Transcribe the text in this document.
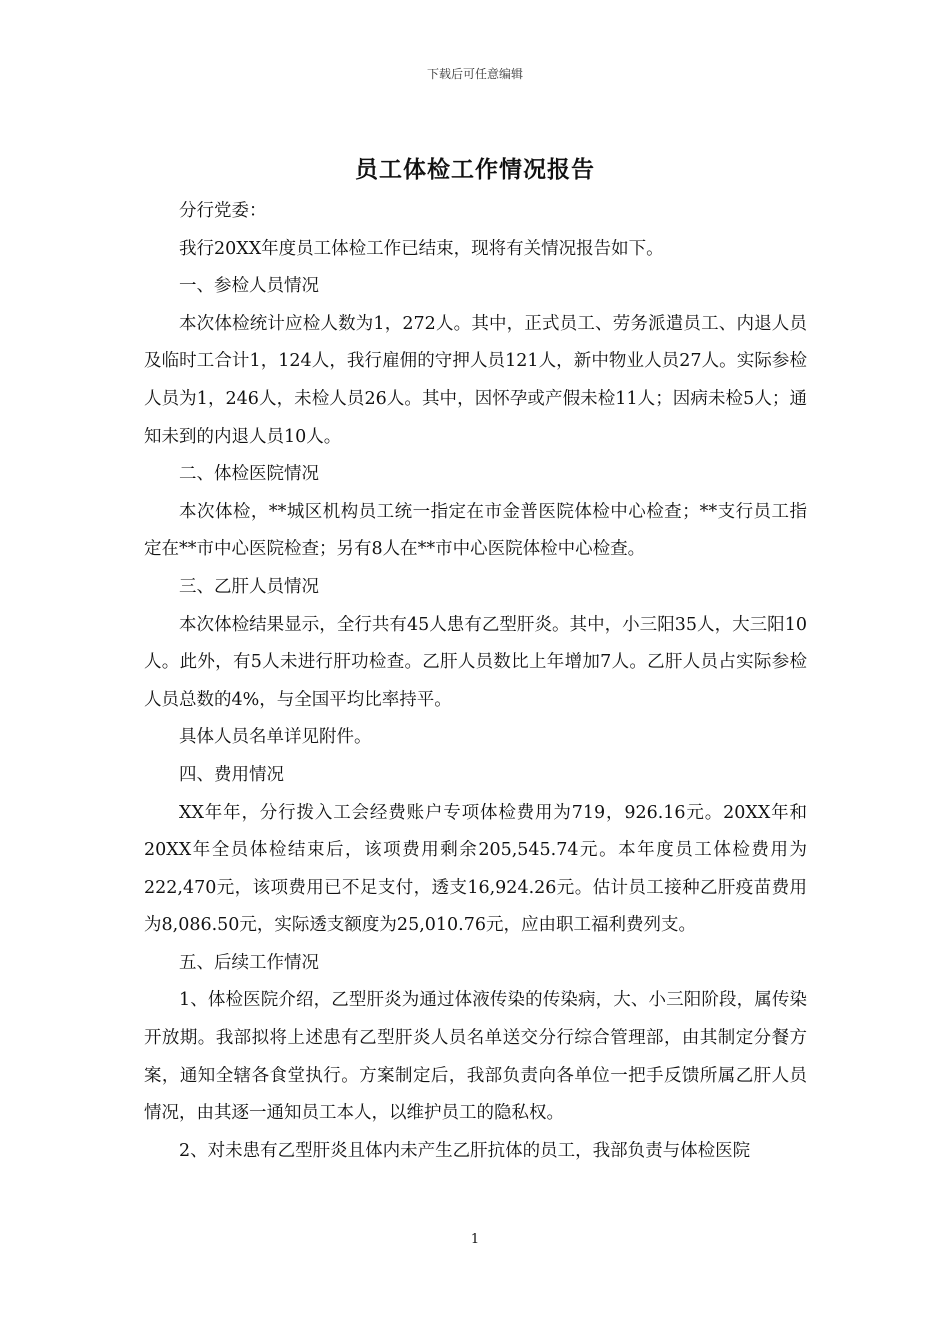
下载后可任意编辑
员工体检工作情况报告

分行党委：

我行20XX年度员工体检工作已结束，现将有关情况报告如下。

一、参检人员情况

本次体检统计应检人数为1，272人。其中，正式员工、劳务派遣员工、内退人员及临时工合计1，124人，我行雇佣的守押人员121人，新中物业人员27人。实际参检人员为1，246人，未检人员26人。其中，因怀孕或产假未检11人；因病未检5人；通知未到的内退人员10人。

二、体检医院情况

本次体检，**城区机构员工统一指定在市金普医院体检中心检查；**支行员工指定在**市中心医院检查；另有8人在**市中心医院体检中心检查。

三、乙肝人员情况

本次体检结果显示，全行共有45人患有乙型肝炎。其中，小三阳35人，大三阳10人。此外，有5人未进行肝功检查。乙肝人员数比上年增加7人。乙肝人员占实际参检人员总数的4%，与全国平均比率持平。

具体人员名单详见附件。

四、费用情况

XX年年，分行拨入工会经费账户专项体检费用为719，926.16元。20XX年和20XX年全员体检结束后，该项费用剩余205,545.74元。本年度员工体检费用为222,470元，该项费用已不足支付，透支16,924.26元。估计员工接种乙肝疫苗费用为8,086.50元，实际透支额度为25,010.76元，应由职工福利费列支。

五、后续工作情况

1、体检医院介绍，乙型肝炎为通过体液传染的传染病，大、小三阳阶段，属传染开放期。我部拟将上述患有乙型肝炎人员名单送交分行综合管理部，由其制定分餐方案，通知全辖各食堂执行。方案制定后，我部负责向各单位一把手反馈所属乙肝人员情况，由其逐一通知员工本人，以维护员工的隐私权。

2、对未患有乙型肝炎且体内未产生乙肝抗体的员工，我部负责与体检医院

1
